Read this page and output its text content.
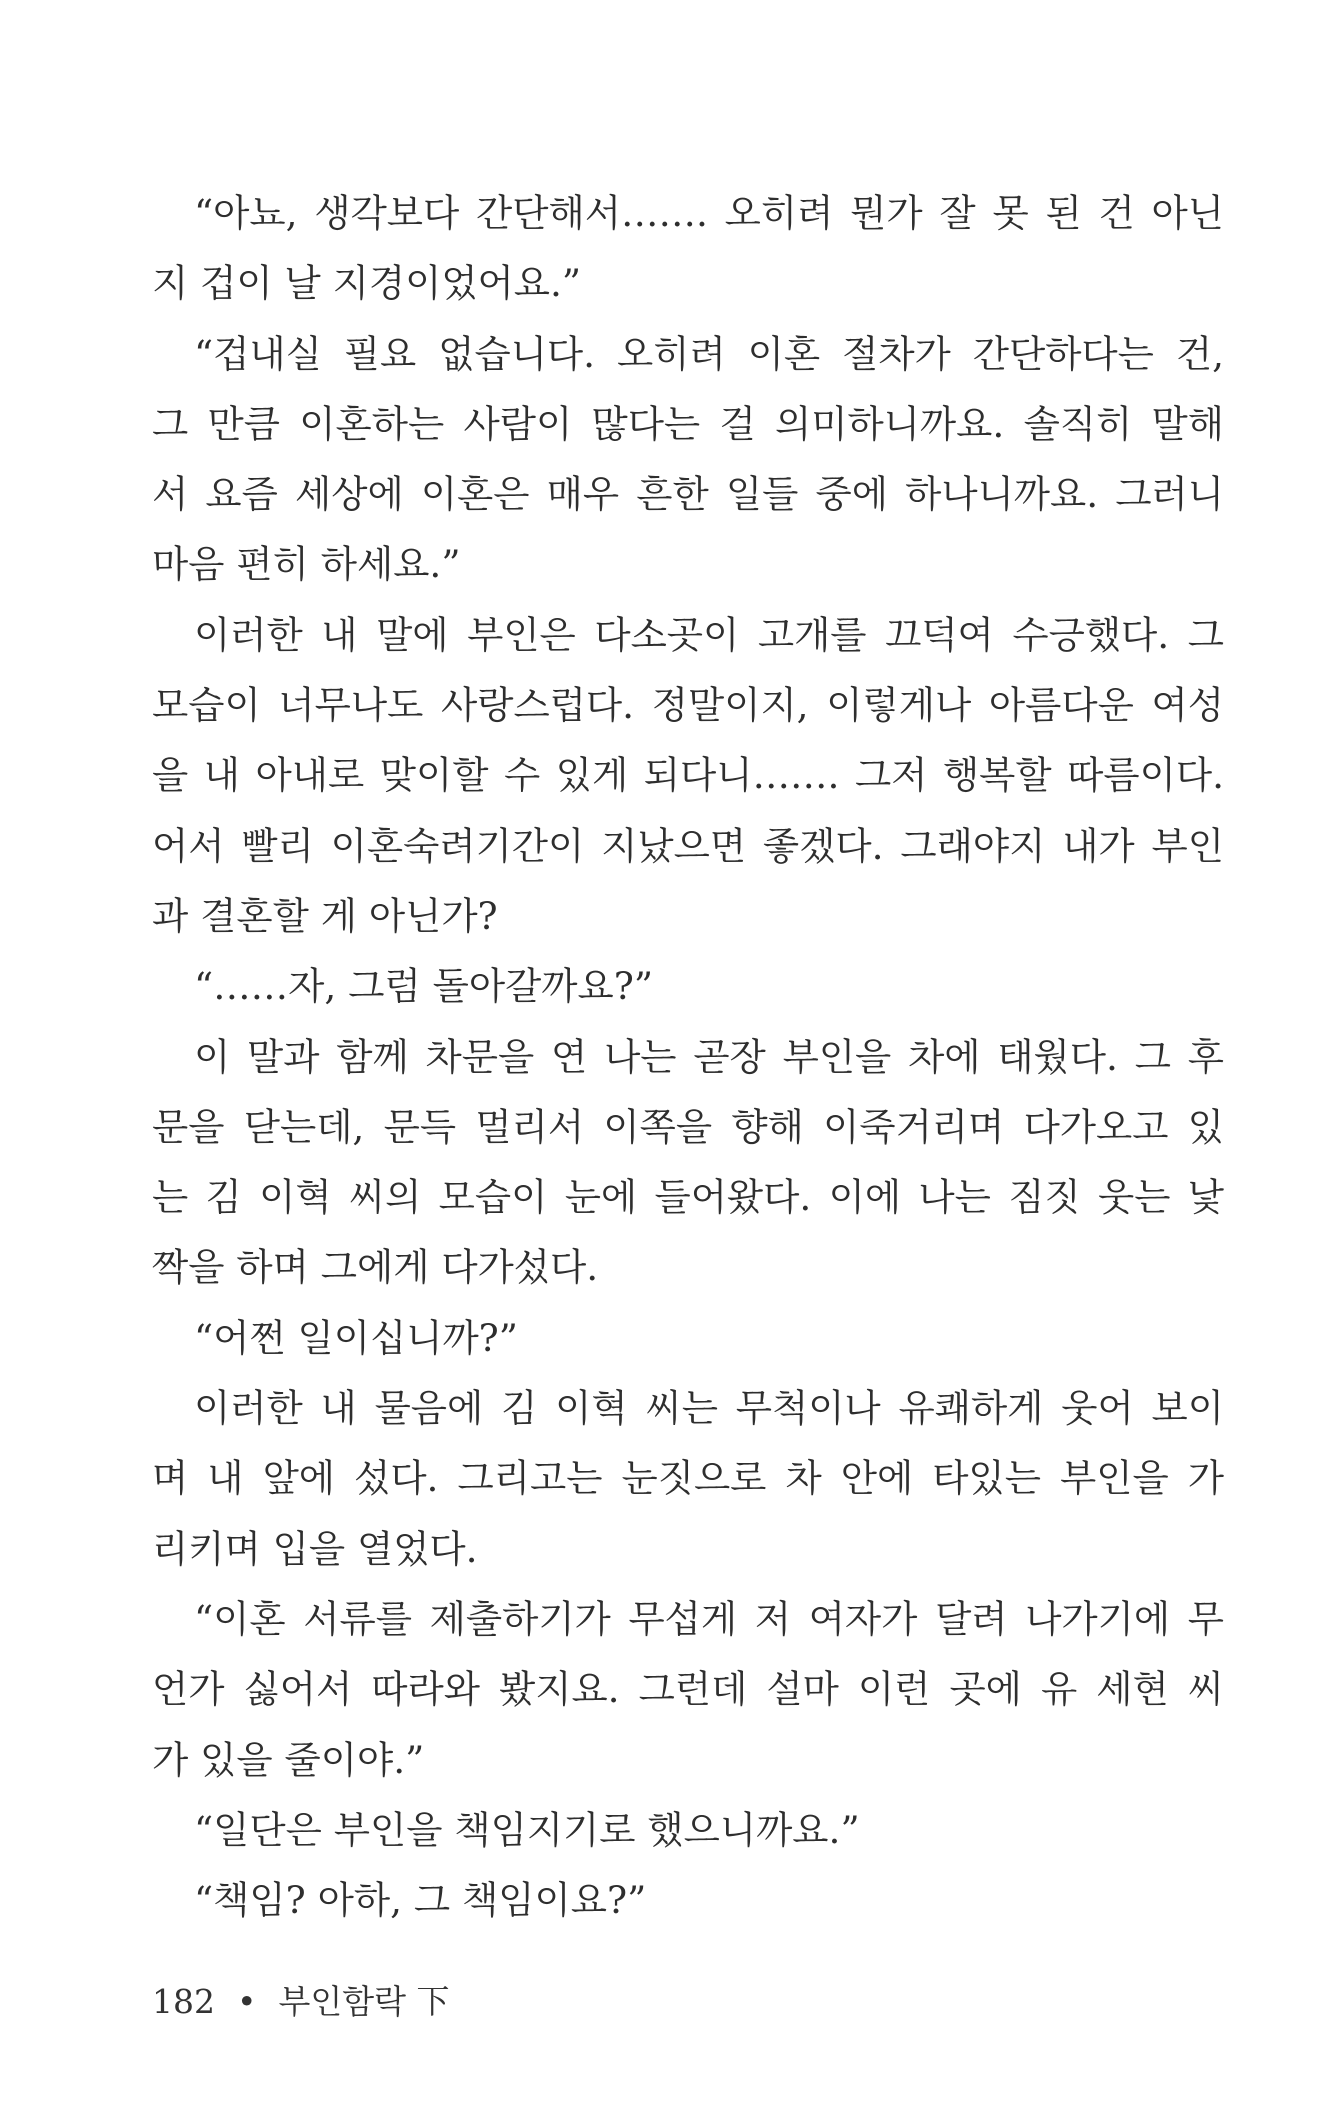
“아뇨, 생각보다 간단해서……. 오히려 뭔가 잘 못 된 건 아닌
지 겁이 날 지경이었어요.”
“겁내실 필요 없습니다. 오히려 이혼 절차가 간단하다는 건,
그 만큼 이혼하는 사람이 많다는 걸 의미하니까요. 솔직히 말해
서 요즘 세상에 이혼은 매우 흔한 일들 중에 하나니까요. 그러니
마음 편히 하세요.”
이러한 내 말에 부인은 다소곳이 고개를 끄덕여 수긍했다. 그
모습이 너무나도 사랑스럽다. 정말이지, 이렇게나 아름다운 여성
을 내 아내로 맞이할 수 있게 되다니……. 그저 행복할 따름이다.
어서 빨리 이혼숙려기간이 지났으면 좋겠다. 그래야지 내가 부인
과 결혼할 게 아닌가?
“……자, 그럼 돌아갈까요?”
이 말과 함께 차문을 연 나는 곧장 부인을 차에 태웠다. 그 후
문을 닫는데, 문득 멀리서 이쪽을 향해 이죽거리며 다가오고 있
는 김 이혁 씨의 모습이 눈에 들어왔다. 이에 나는 짐짓 웃는 낯
짝을 하며 그에게 다가섰다.
“어쩐 일이십니까?”
이러한 내 물음에 김 이혁 씨는 무척이나 유쾌하게 웃어 보이
며 내 앞에 섰다. 그리고는 눈짓으로 차 안에 타있는 부인을 가
리키며 입을 열었다.
“이혼 서류를 제출하기가 무섭게 저 여자가 달려 나가기에 무
언가 싫어서 따라와 봤지요. 그런데 설마 이런 곳에 유 세현 씨
가 있을 줄이야.”
“일단은 부인을 책임지기로 했으니까요.”
“책임? 아하, 그 책임이요?”
182 • 부인함락 下
